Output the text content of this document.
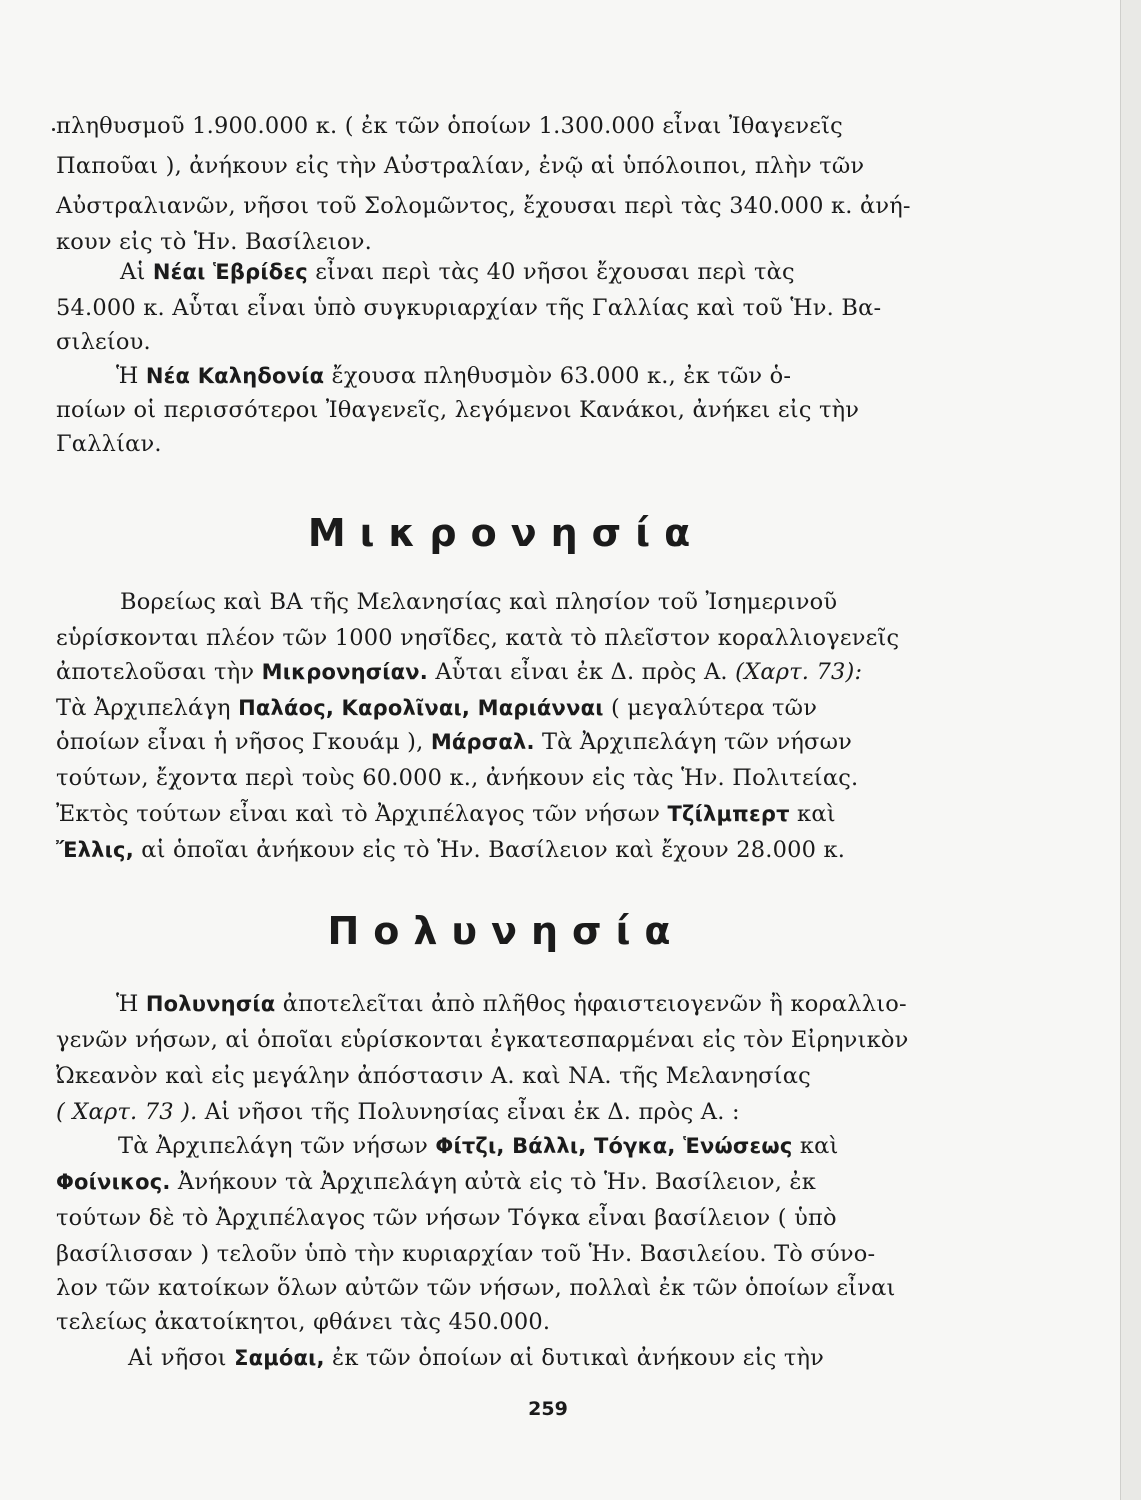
πληθυσμοῦ 1.900.000 κ. ( ἐκ τῶν ὁποίων 1.300.000 εἶναι Ἰθαγενεῖς
Παποῦαι ), ἀνήκουν εἰς τὴν Αὐστραλίαν, ἐνῷ αἱ ὑπόλοιποι, πλὴν τῶν
Αὐστραλιανῶν, νῆσοι τοῦ Σολομῶντος, ἔχουσαι περὶ τὰς 340.000 κ. ἀνή-
κουν εἰς τὸ Ἡν. Βασίλειον.
Αἱ Νέαι Ἑβρίδες εἶναι περὶ τὰς 40 νῆσοι ἔχουσαι περὶ τὰς
54.000 κ. Αὗται εἶναι ὑπὸ συγκυριαρχίαν τῆς Γαλλίας καὶ τοῦ Ἡν. Βα-
σιλείου.
Ἡ Νέα Καληδονία ἔχουσα πληθυσμὸν 63.000 κ., ἐκ τῶν ὁ-
ποίων οἱ περισσότεροι Ἰθαγενεῖς, λεγόμενοι Κανάκοι, ἀνήκει εἰς τὴν
Γαλλίαν.
Μικρονησία
Βορείως καὶ ΒΑ τῆς Μελανησίας καὶ πλησίον τοῦ Ἰσημερινοῦ
εὑρίσκονται πλέον τῶν 1000 νησῖδες, κατὰ τὸ πλεῖστον κοραλλιογενεῖς
ἀποτελοῦσαι τὴν Μικρονησίαν. Αὗται εἶναι ἐκ Δ. πρὸς Α. (Χαρτ. 73):
Τὰ Ἀρχιπελάγη Παλάος, Καρολῖναι, Μαριάνναι ( μεγαλύτερα τῶν
ὁποίων εἶναι ἡ νῆσος Γκουάμ ), Μάρσαλ. Τὰ Ἀρχιπελάγη τῶν νήσων
τούτων, ἔχοντα περὶ τοὺς 60.000 κ., ἀνήκουν εἰς τὰς Ἡν. Πολιτείας.
Ἐκτὸς τούτων εἶναι καὶ τὸ Ἀρχιπέλαγος τῶν νήσων Τζίλμπερτ καὶ
Ἔλλις, αἱ ὁποῖαι ἀνήκουν εἰς τὸ Ἡν. Βασίλειον καὶ ἔχουν 28.000 κ.
Πολυνησία
Ἡ Πολυνησία ἀποτελεῖται ἀπὸ πλῆθος ἡφαιστειογενῶν ἢ κοραλλιο-
γενῶν νήσων, αἱ ὁποῖαι εὑρίσκονται ἐγκατεσπαρμέναι εἰς τὸν Εἰρηνικὸν
Ὠκεανὸν καὶ εἰς μεγάλην ἀπόστασιν Α. καὶ ΝΑ. τῆς Μελανησίας
( Χαρτ. 73 ). Αἱ νῆσοι τῆς Πολυνησίας εἶναι ἐκ Δ. πρὸς Α. :
Τὰ Ἀρχιπελάγη τῶν νήσων Φίτζι, Βάλλι, Τόγκα, Ἑνώσεως καὶ
Φοίνικος. Ἀνήκουν τὰ Ἀρχιπελάγη αὐτὰ εἰς τὸ Ἡν. Βασίλειον, ἐκ
τούτων δὲ τὸ Ἀρχιπέλαγος τῶν νήσων Τόγκα εἶναι βασίλειον ( ὑπὸ
βασίλισσαν ) τελοῦν ὑπὸ τὴν κυριαρχίαν τοῦ Ἡν. Βασιλείου. Τὸ σύνο-
λον τῶν κατοίκων ὅλων αὐτῶν τῶν νήσων, πολλαὶ ἐκ τῶν ὁποίων εἶναι
τελείως ἀκατοίκητοι, φθάνει τὰς 450.000.
Αἱ νῆσοι Σαμόαι, ἐκ τῶν ὁποίων αἱ δυτικαὶ ἀνήκουν εἰς τὴν
259
